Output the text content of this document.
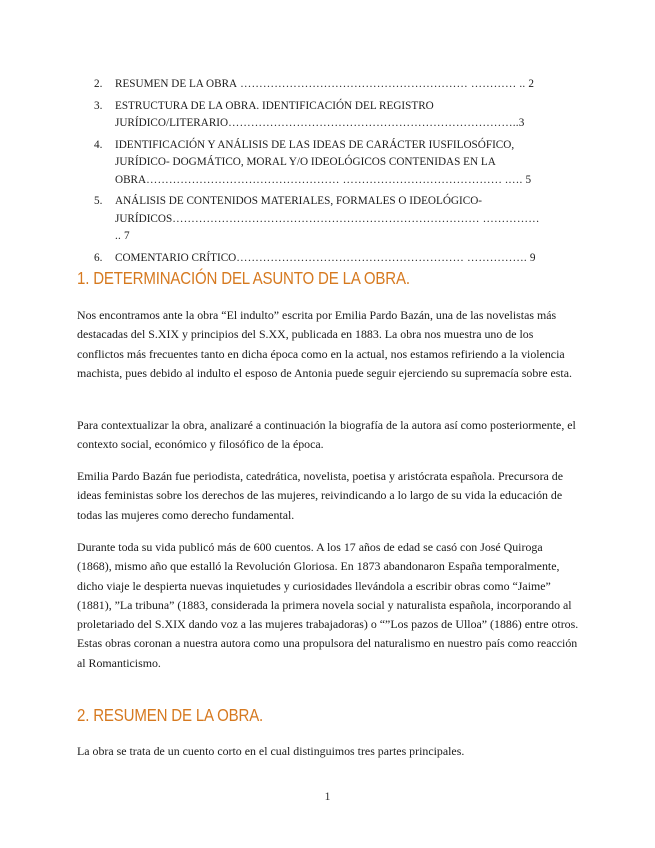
2.	RESUMEN DE LA OBRA …………………………………………………… ………… .. 2
3.	ESTRUCTURA DE LA OBRA. IDENTIFICACIÓN DEL REGISTRO JURÍDICO/LITERARIO…………………………………………………………………..3
4.	IDENTIFICACIÓN Y ANÁLISIS DE LAS IDEAS DE CARÁCTER IUSFILOSÓFICO, JURÍDICO- DOGMÁTICO, MORAL Y/O IDEOLÓGICOS CONTENIDAS EN LA OBRA…………………………………………… …………………………………… .…. 5
5.	ANÁLISIS DE CONTENIDOS MATERIALES, FORMALES O IDEOLÓGICO-JURÍDICOS……………………………………………………………………… …………… .. 7
6.	COMENTARIO CRÍTICO…………………………………………………… ……………. 9
1. DETERMINACIÓN DEL ASUNTO DE LA OBRA.

Nos encontramos ante la obra “El indulto” escrita por Emilia Pardo Bazán, una de las novelistas más destacadas del S.XIX y principios del S.XX, publicada en 1883. La obra nos muestra uno de los conflictos más frecuentes tanto en dicha época como en la actual, nos estamos refiriendo a la violencia machista, pues debido al indulto el esposo de Antonia puede seguir ejerciendo su supremacía sobre esta.

Para contextualizar la obra, analizaré a continuación la biografía de la autora así como posteriormente, el contexto social, económico y filosófico de la época.

Emilia Pardo Bazán fue periodista, catedrática, novelista, poetisa y aristócrata española. Precursora de ideas feministas sobre los derechos de las mujeres, reivindicando a lo largo de su vida la educación de todas las mujeres como derecho fundamental.

Durante toda su vida publicó más de 600 cuentos. A los 17 años de edad se casó con José Quiroga (1868), mismo año que estalló la Revolución Gloriosa. En 1873 abandonaron España temporalmente, dicho viaje le despierta nuevas inquietudes y curiosidades llevándola a escribir obras como “Jaime” (1881), ”La tribuna” (1883, considerada la primera novela social y naturalista española, incorporando al proletariado del S.XIX dando voz a las mujeres trabajadoras) o “”Los pazos de Ulloa” (1886) entre otros. Estas obras coronan a nuestra autora como una propulsora del naturalismo en nuestro país como reacción al Romanticismo.

2. RESUMEN DE LA OBRA.

La obra se trata de un cuento corto en el cual distinguimos tres partes principales.

1
